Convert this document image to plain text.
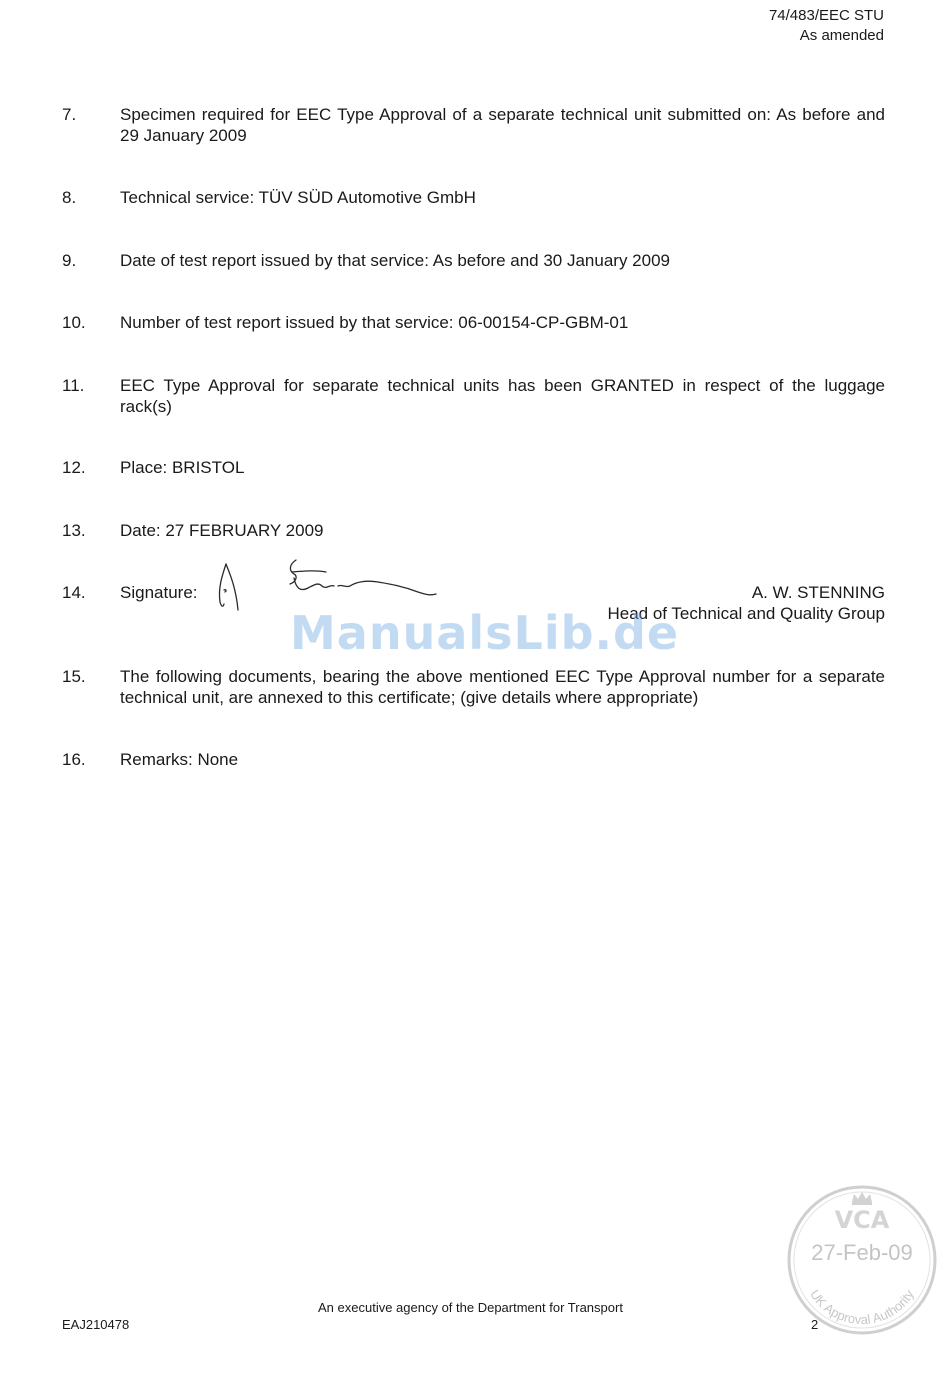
74/483/EEC STU
As amended
7.	Specimen required for EEC Type Approval of a separate technical unit submitted on: As before and 29 January 2009
8.	Technical service: TÜV SÜD Automotive GmbH
9.	Date of test report issued by that service: As before and 30 January 2009
10.	Number of test report issued by that service: 06-00154-CP-GBM-01
11.	EEC Type Approval for separate technical units has been GRANTED in respect of the luggage rack(s)
12.	Place: BRISTOL
13.	Date: 27 FEBRUARY 2009
14.	Signature:	A. W. STENNING
Head of Technical and Quality Group
15.	The following documents, bearing the above mentioned EEC Type Approval number for a separate technical unit, are annexed to this certificate; (give details where appropriate)
16.	Remarks: None
ManualsLib.de
VCA
27-Feb-09
UK Approval Authority
An executive agency of the Department for Transport
EAJ210478	2
